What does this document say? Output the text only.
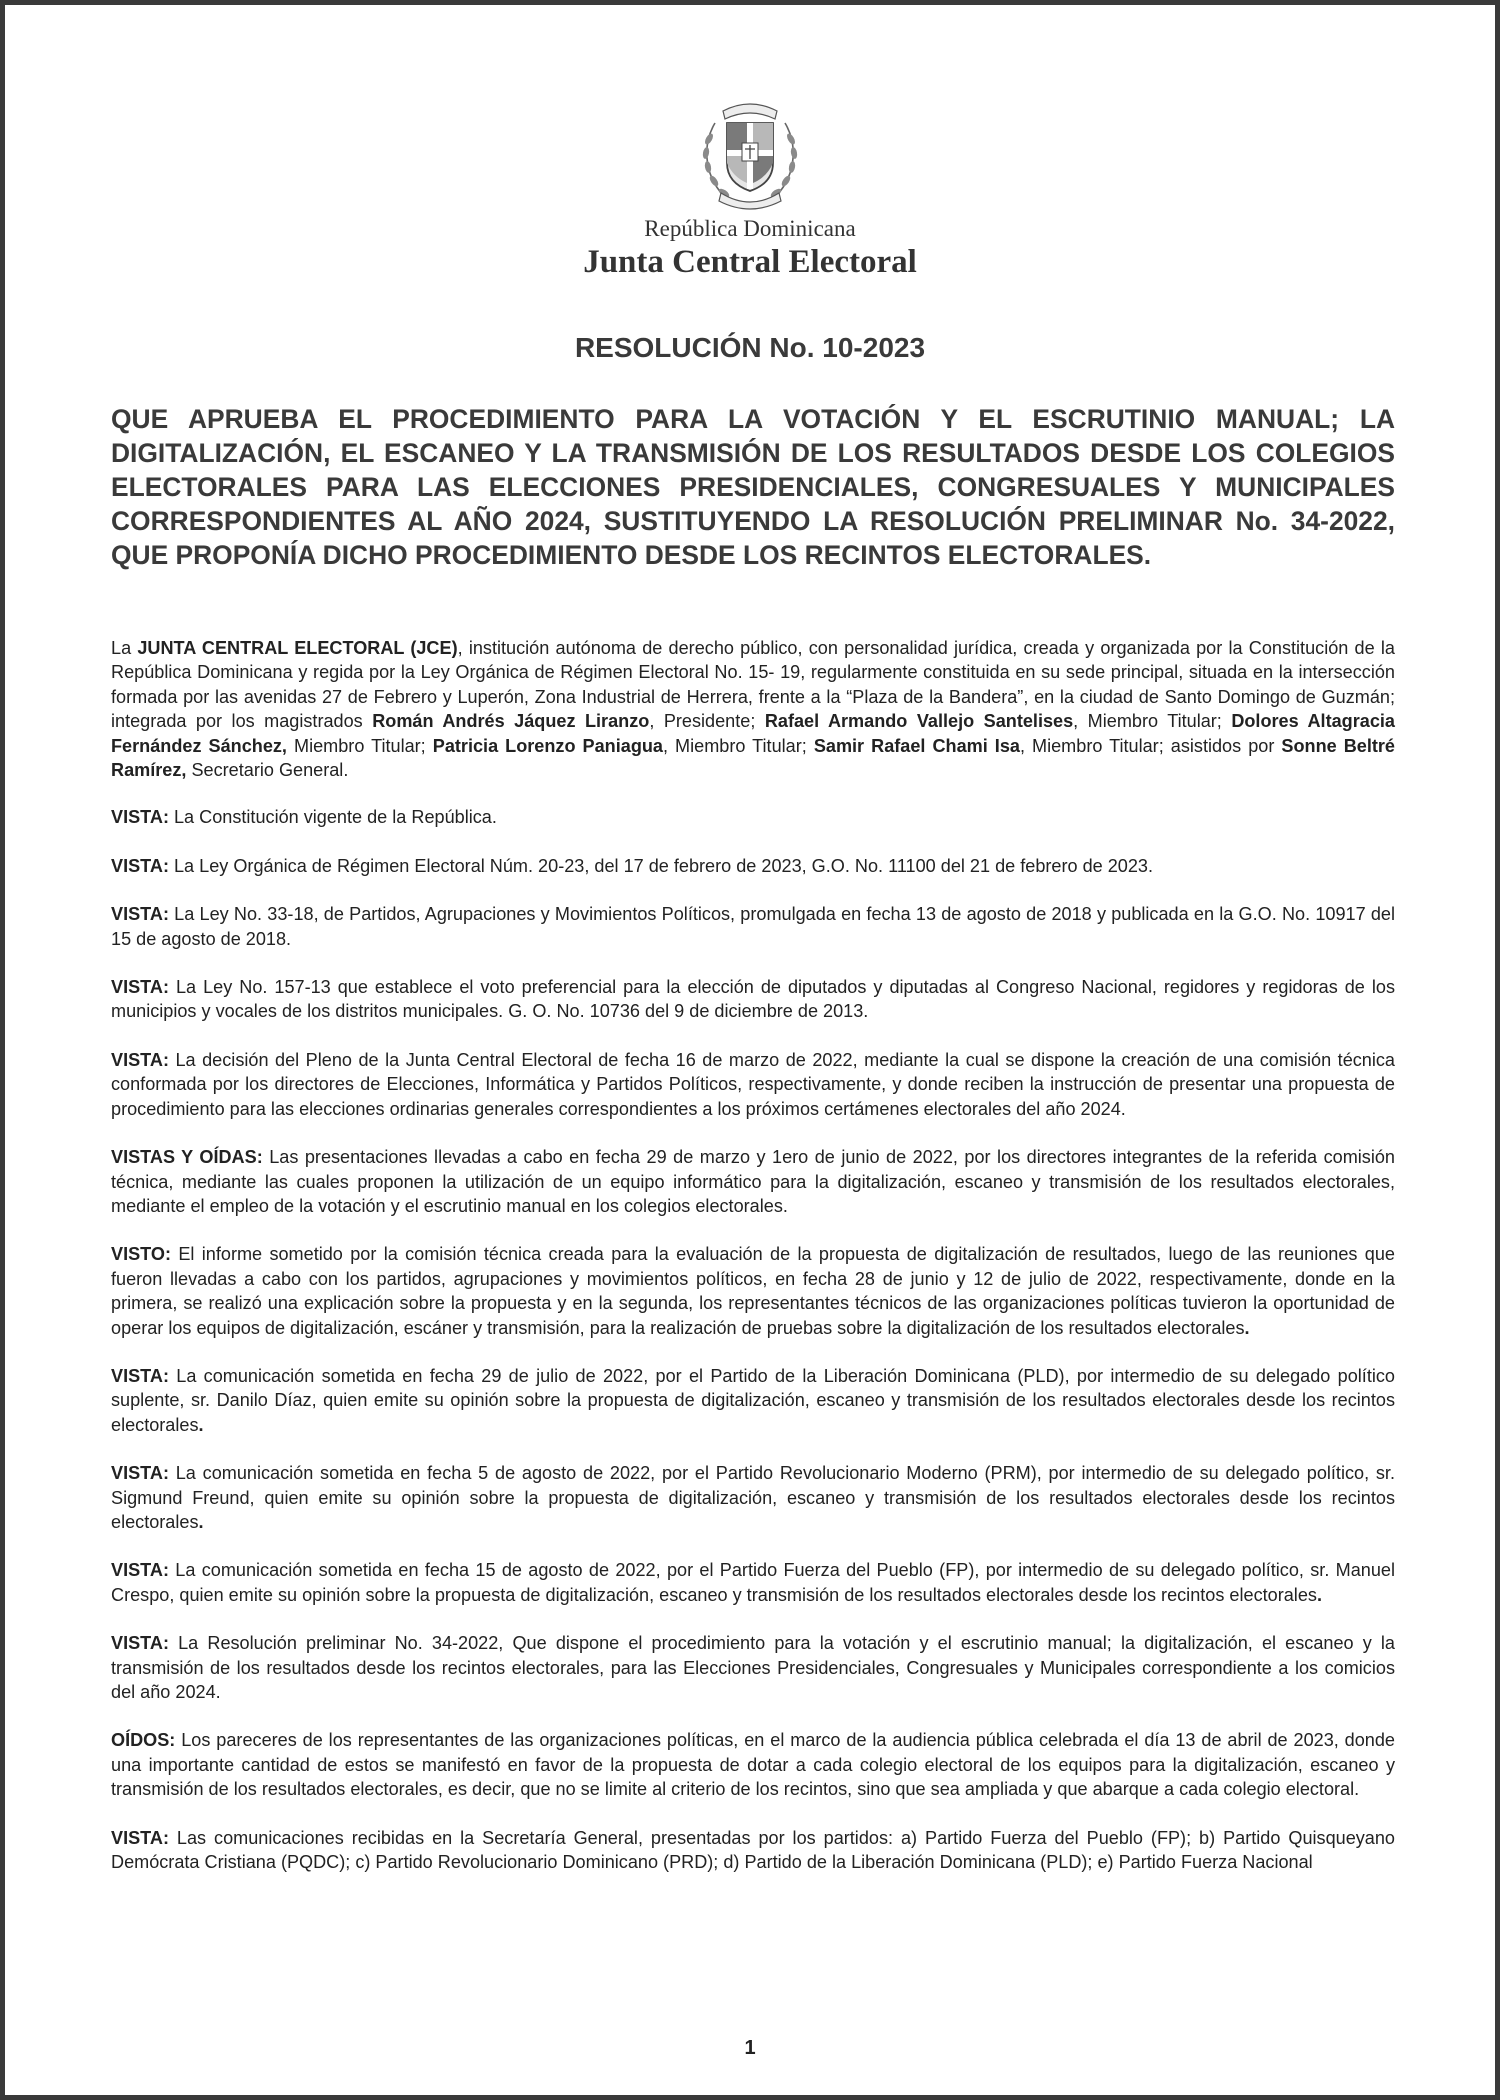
República Dominicana
Junta Central Electoral
RESOLUCIÓN No. 10-2023
QUE APRUEBA EL PROCEDIMIENTO PARA LA VOTACIÓN Y EL ESCRUTINIO MANUAL; LA DIGITALIZACIÓN, EL ESCANEO Y LA TRANSMISIÓN DE LOS RESULTADOS DESDE LOS COLEGIOS ELECTORALES PARA LAS ELECCIONES PRESIDENCIALES, CONGRESUALES Y MUNICIPALES CORRESPONDIENTES AL AÑO 2024, SUSTITUYENDO LA RESOLUCIÓN PRELIMINAR No. 34-2022, QUE PROPONÍA DICHO PROCEDIMIENTO DESDE LOS RECINTOS ELECTORALES.

La JUNTA CENTRAL ELECTORAL (JCE), institución autónoma de derecho público, con personalidad jurídica, creada y organizada por la Constitución de la República Dominicana y regida por la Ley Orgánica de Régimen Electoral No. 15- 19, regularmente constituida en su sede principal, situada en la intersección formada por las avenidas 27 de Febrero y Luperón, Zona Industrial de Herrera, frente a la “Plaza de la Bandera”, en la ciudad de Santo Domingo de Guzmán; integrada por los magistrados Román Andrés Jáquez Liranzo, Presidente; Rafael Armando Vallejo Santelises, Miembro Titular; Dolores Altagracia Fernández Sánchez, Miembro Titular; Patricia Lorenzo Paniagua, Miembro Titular; Samir Rafael Chami Isa, Miembro Titular; asistidos por Sonne Beltré Ramírez, Secretario General.

VISTA: La Constitución vigente de la República.

VISTA: La Ley Orgánica de Régimen Electoral Núm. 20-23, del 17 de febrero de 2023, G.O. No. 11100 del 21 de febrero de 2023.

VISTA: La Ley No. 33-18, de Partidos, Agrupaciones y Movimientos Políticos, promulgada en fecha 13 de agosto de 2018 y publicada en la G.O. No. 10917 del 15 de agosto de 2018.

VISTA: La Ley No. 157-13 que establece el voto preferencial para la elección de diputados y diputadas al Congreso Nacional, regidores y regidoras de los municipios y vocales de los distritos municipales. G. O. No. 10736 del 9 de diciembre de 2013.

VISTA: La decisión del Pleno de la Junta Central Electoral de fecha 16 de marzo de 2022, mediante la cual se dispone la creación de una comisión técnica conformada por los directores de Elecciones, Informática y Partidos Políticos, respectivamente, y donde reciben la instrucción de presentar una propuesta de procedimiento para las elecciones ordinarias generales correspondientes a los próximos certámenes electorales del año 2024.

VISTAS Y OÍDAS: Las presentaciones llevadas a cabo en fecha 29 de marzo y 1ero de junio de 2022, por los directores integrantes de la referida comisión técnica, mediante las cuales proponen la utilización de un equipo informático para la digitalización, escaneo y transmisión de los resultados electorales, mediante el empleo de la votación y el escrutinio manual en los colegios electorales.

VISTO: El informe sometido por la comisión técnica creada para la evaluación de la propuesta de digitalización de resultados, luego de las reuniones que fueron llevadas a cabo con los partidos, agrupaciones y movimientos políticos, en fecha 28 de junio y 12 de julio de 2022, respectivamente, donde en la primera, se realizó una explicación sobre la propuesta y en la segunda, los representantes técnicos de las organizaciones políticas tuvieron la oportunidad de operar los equipos de digitalización, escáner y transmisión, para la realización de pruebas sobre la digitalización de los resultados electorales.

VISTA: La comunicación sometida en fecha 29 de julio de 2022, por el Partido de la Liberación Dominicana (PLD), por intermedio de su delegado político suplente, sr. Danilo Díaz, quien emite su opinión sobre la propuesta de digitalización, escaneo y transmisión de los resultados electorales desde los recintos electorales.

VISTA: La comunicación sometida en fecha 5 de agosto de 2022, por el Partido Revolucionario Moderno (PRM), por intermedio de su delegado político, sr. Sigmund Freund, quien emite su opinión sobre la propuesta de digitalización, escaneo y transmisión de los resultados electorales desde los recintos electorales.

VISTA: La comunicación sometida en fecha 15 de agosto de 2022, por el Partido Fuerza del Pueblo (FP), por intermedio de su delegado político, sr. Manuel Crespo, quien emite su opinión sobre la propuesta de digitalización, escaneo y transmisión de los resultados electorales desde los recintos electorales.

VISTA: La Resolución preliminar No. 34-2022, Que dispone el procedimiento para la votación y el escrutinio manual; la digitalización, el escaneo y la transmisión de los resultados desde los recintos electorales, para las Elecciones Presidenciales, Congresuales y Municipales correspondiente a los comicios del año 2024.

OÍDOS: Los pareceres de los representantes de las organizaciones políticas, en el marco de la audiencia pública celebrada el día 13 de abril de 2023, donde una importante cantidad de estos se manifestó en favor de la propuesta de dotar a cada colegio electoral de los equipos para la digitalización, escaneo y transmisión de los resultados electorales, es decir, que no se limite al criterio de los recintos, sino que sea ampliada y que abarque a cada colegio electoral.

VISTA: Las comunicaciones recibidas en la Secretaría General, presentadas por los partidos: a) Partido Fuerza del Pueblo (FP); b) Partido Quisqueyano Demócrata Cristiana (PQDC); c) Partido Revolucionario Dominicano (PRD); d) Partido de la Liberación Dominicana (PLD); e) Partido Fuerza Nacional

1
